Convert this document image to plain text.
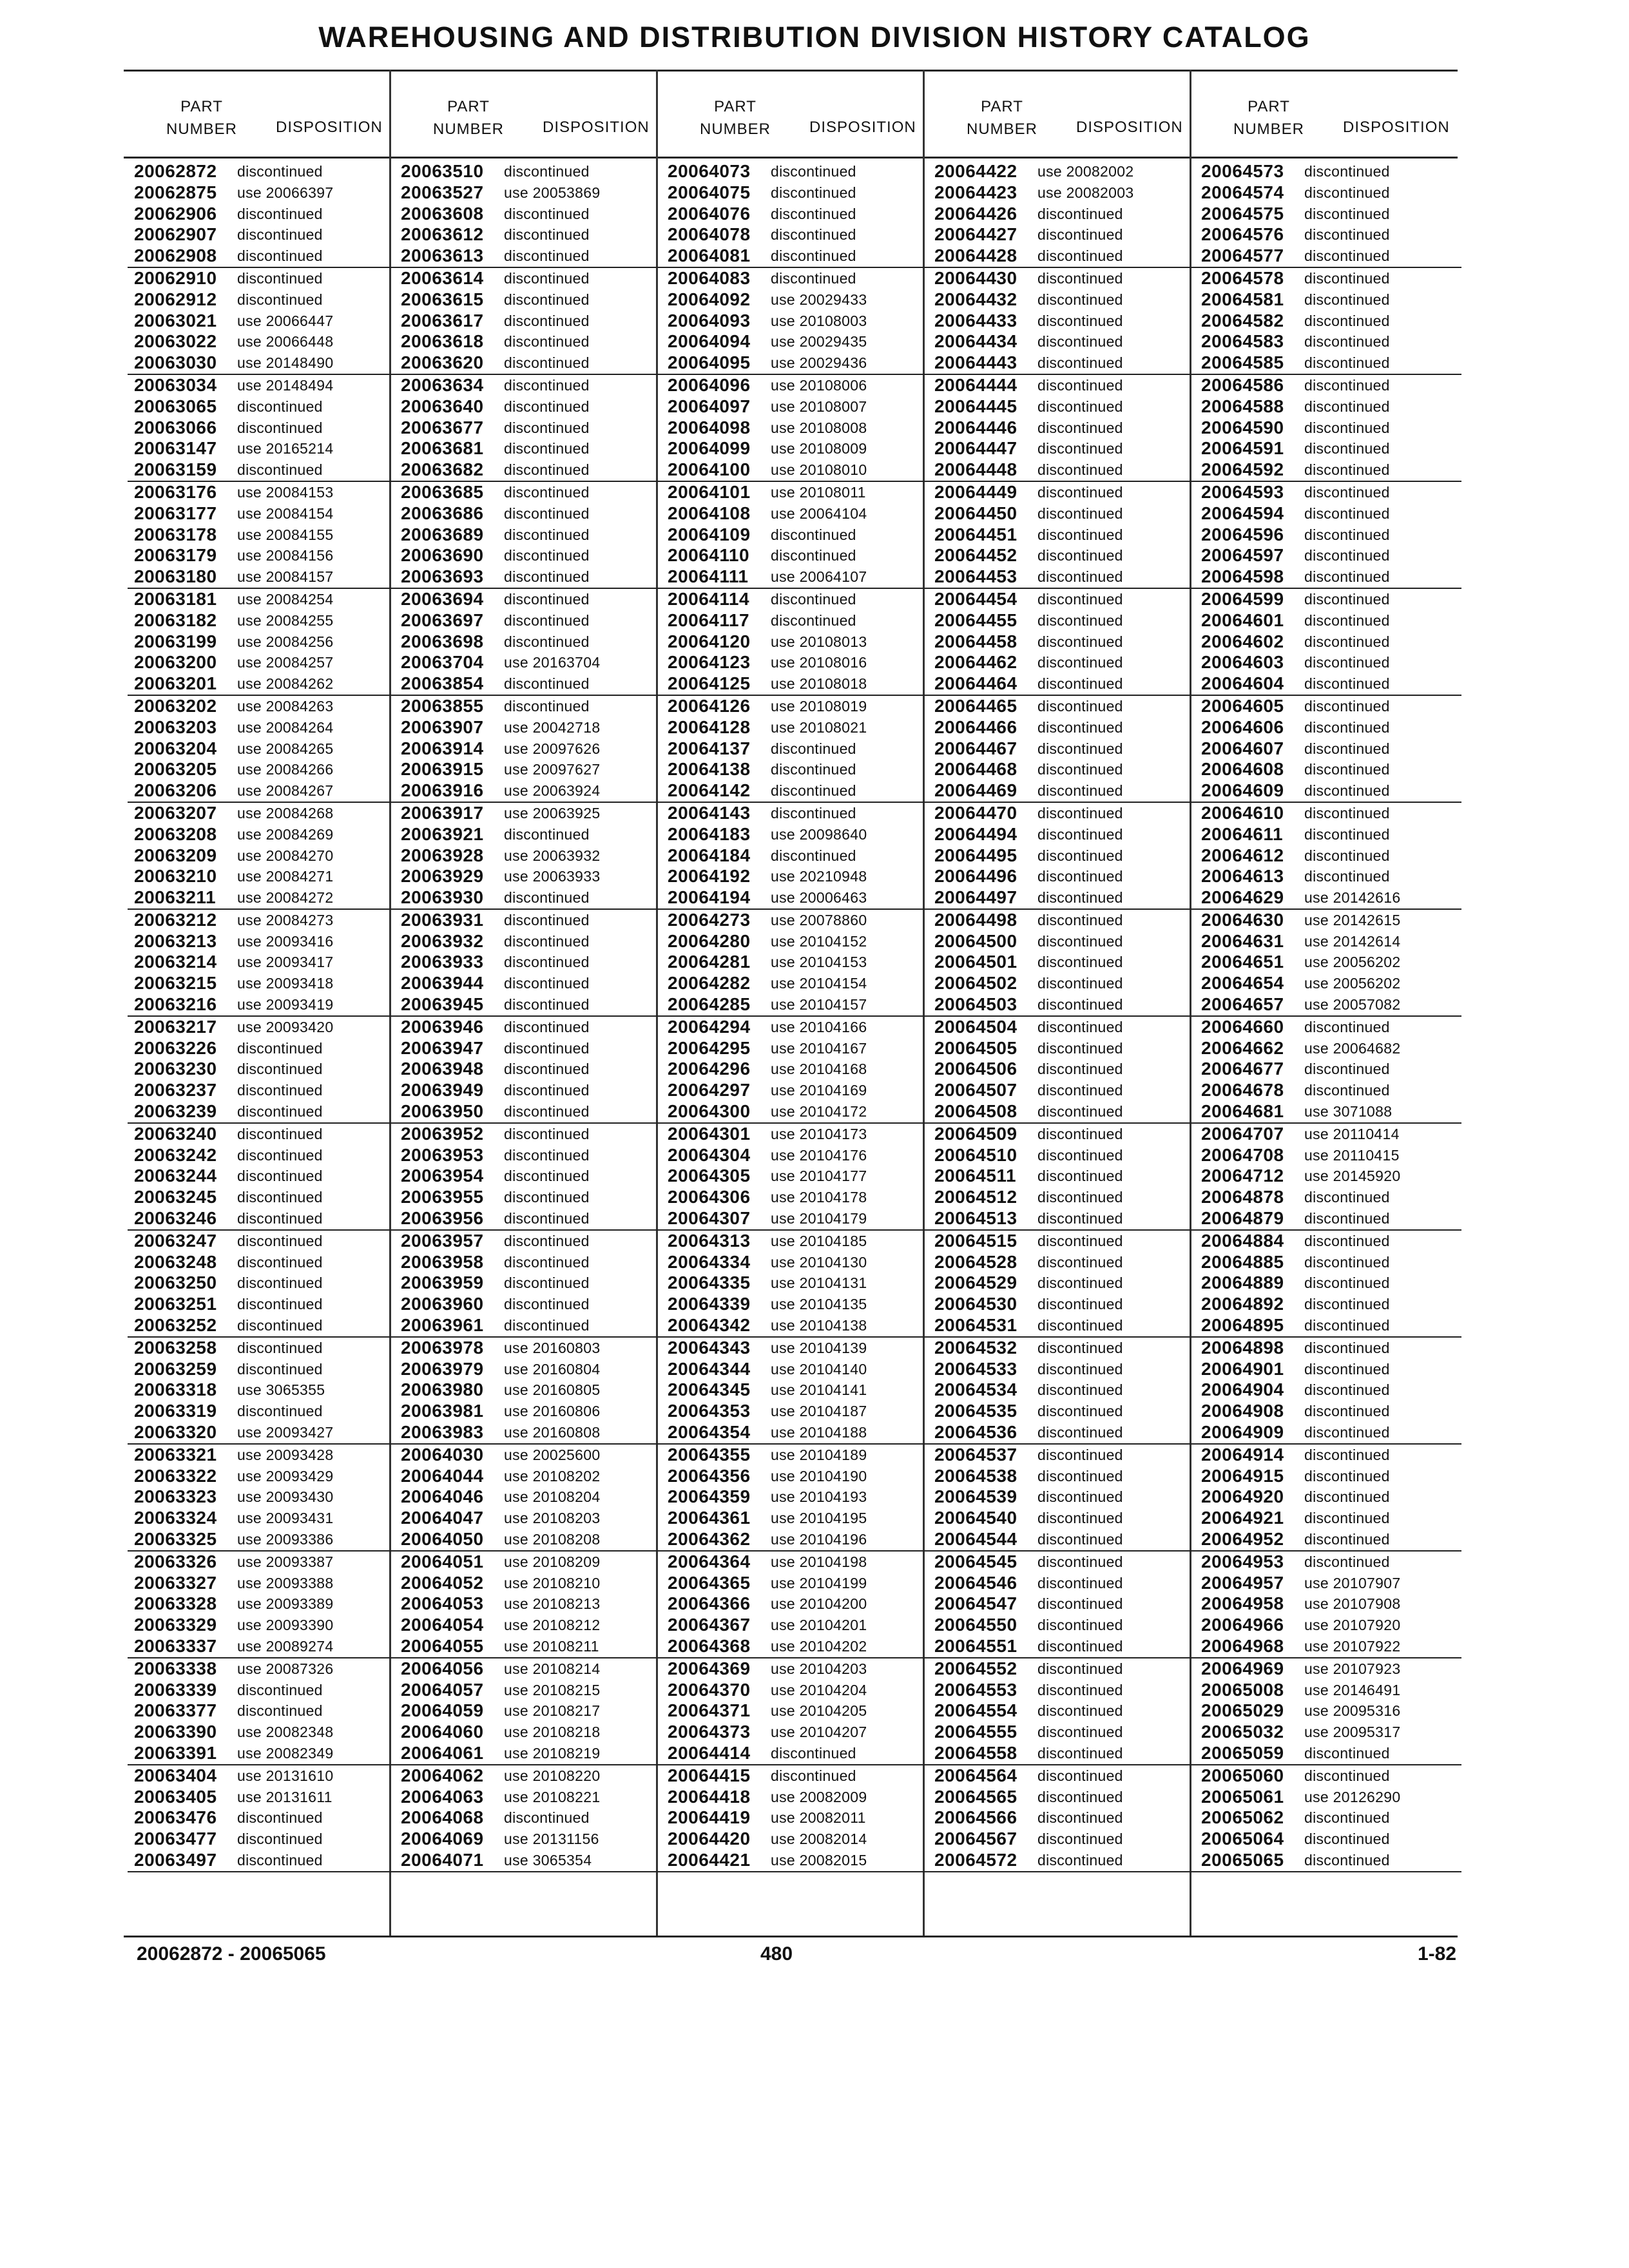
WAREHOUSING AND DISTRIBUTION DIVISION HISTORY CATALOG
PART
NUMBER	DISPOSITION
PART
NUMBER	DISPOSITION
PART
NUMBER	DISPOSITION
PART
NUMBER	DISPOSITION
PART
NUMBER	DISPOSITION
20062872 discontinued
20062875 use 20066397
20062906 discontinued
20062907 discontinued
20062908 discontinued
20062910 discontinued
20062912 discontinued
20063021 use 20066447
20063022 use 20066448
20063030 use 20148490
20063034 use 20148494
20063065 discontinued
20063066 discontinued
20063147 use 20165214
20063159 discontinued
20063176 use 20084153
20063177 use 20084154
20063178 use 20084155
20063179 use 20084156
20063180 use 20084157
20063181 use 20084254
20063182 use 20084255
20063199 use 20084256
20063200 use 20084257
20063201 use 20084262
20063202 use 20084263
20063203 use 20084264
20063204 use 20084265
20063205 use 20084266
20063206 use 20084267
20063207 use 20084268
20063208 use 20084269
20063209 use 20084270
20063210 use 20084271
20063211 use 20084272
20063212 use 20084273
20063213 use 20093416
20063214 use 20093417
20063215 use 20093418
20063216 use 20093419
20063217 use 20093420
20063226 discontinued
20063230 discontinued
20063237 discontinued
20063239 discontinued
20063240 discontinued
20063242 discontinued
20063244 discontinued
20063245 discontinued
20063246 discontinued
20063247 discontinued
20063248 discontinued
20063250 discontinued
20063251 discontinued
20063252 discontinued
20063258 discontinued
20063259 discontinued
20063318 use 3065355
20063319 discontinued
20063320 use 20093427
20063321 use 20093428
20063322 use 20093429
20063323 use 20093430
20063324 use 20093431
20063325 use 20093386
20063326 use 20093387
20063327 use 20093388
20063328 use 20093389
20063329 use 20093390
20063337 use 20089274
20063338 use 20087326
20063339 discontinued
20063377 discontinued
20063390 use 20082348
20063391 use 20082349
20063404 use 20131610
20063405 use 20131611
20063476 discontinued
20063477 discontinued
20063497 discontinued
20063510 discontinued
20063527 use 20053869
20063608 discontinued
20063612 discontinued
20063613 discontinued
20063614 discontinued
20063615 discontinued
20063617 discontinued
20063618 discontinued
20063620 discontinued
20063634 discontinued
20063640 discontinued
20063677 discontinued
20063681 discontinued
20063682 discontinued
20063685 discontinued
20063686 discontinued
20063689 discontinued
20063690 discontinued
20063693 discontinued
20063694 discontinued
20063697 discontinued
20063698 discontinued
20063704 use 20163704
20063854 discontinued
20063855 discontinued
20063907 use 20042718
20063914 use 20097626
20063915 use 20097627
20063916 use 20063924
20063917 use 20063925
20063921 discontinued
20063928 use 20063932
20063929 use 20063933
20063930 discontinued
20063931 discontinued
20063932 discontinued
20063933 discontinued
20063944 discontinued
20063945 discontinued
20063946 discontinued
20063947 discontinued
20063948 discontinued
20063949 discontinued
20063950 discontinued
20063952 discontinued
20063953 discontinued
20063954 discontinued
20063955 discontinued
20063956 discontinued
20063957 discontinued
20063958 discontinued
20063959 discontinued
20063960 discontinued
20063961 discontinued
20063978 use 20160803
20063979 use 20160804
20063980 use 20160805
20063981 use 20160806
20063983 use 20160808
20064030 use 20025600
20064044 use 20108202
20064046 use 20108204
20064047 use 20108203
20064050 use 20108208
20064051 use 20108209
20064052 use 20108210
20064053 use 20108213
20064054 use 20108212
20064055 use 20108211
20064056 use 20108214
20064057 use 20108215
20064059 use 20108217
20064060 use 20108218
20064061 use 20108219
20064062 use 20108220
20064063 use 20108221
20064068 discontinued
20064069 use 20131156
20064071 use 3065354
20064073 discontinued
20064075 discontinued
20064076 discontinued
20064078 discontinued
20064081 discontinued
20064083 discontinued
20064092 use 20029433
20064093 use 20108003
20064094 use 20029435
20064095 use 20029436
20064096 use 20108006
20064097 use 20108007
20064098 use 20108008
20064099 use 20108009
20064100 use 20108010
20064101 use 20108011
20064108 use 20064104
20064109 discontinued
20064110 discontinued
20064111 use 20064107
20064114 discontinued
20064117 discontinued
20064120 use 20108013
20064123 use 20108016
20064125 use 20108018
20064126 use 20108019
20064128 use 20108021
20064137 discontinued
20064138 discontinued
20064142 discontinued
20064143 discontinued
20064183 use 20098640
20064184 discontinued
20064192 use 20210948
20064194 use 20006463
20064273 use 20078860
20064280 use 20104152
20064281 use 20104153
20064282 use 20104154
20064285 use 20104157
20064294 use 20104166
20064295 use 20104167
20064296 use 20104168
20064297 use 20104169
20064300 use 20104172
20064301 use 20104173
20064304 use 20104176
20064305 use 20104177
20064306 use 20104178
20064307 use 20104179
20064313 use 20104185
20064334 use 20104130
20064335 use 20104131
20064339 use 20104135
20064342 use 20104138
20064343 use 20104139
20064344 use 20104140
20064345 use 20104141
20064353 use 20104187
20064354 use 20104188
20064355 use 20104189
20064356 use 20104190
20064359 use 20104193
20064361 use 20104195
20064362 use 20104196
20064364 use 20104198
20064365 use 20104199
20064366 use 20104200
20064367 use 20104201
20064368 use 20104202
20064369 use 20104203
20064370 use 20104204
20064371 use 20104205
20064373 use 20104207
20064414 discontinued
20064415 discontinued
20064418 use 20082009
20064419 use 20082011
20064420 use 20082014
20064421 use 20082015
20064422 use 20082002
20064423 use 20082003
20064426 discontinued
20064427 discontinued
20064428 discontinued
20064430 discontinued
20064432 discontinued
20064433 discontinued
20064434 discontinued
20064443 discontinued
20064444 discontinued
20064445 discontinued
20064446 discontinued
20064447 discontinued
20064448 discontinued
20064449 discontinued
20064450 discontinued
20064451 discontinued
20064452 discontinued
20064453 discontinued
20064454 discontinued
20064455 discontinued
20064458 discontinued
20064462 discontinued
20064464 discontinued
20064465 discontinued
20064466 discontinued
20064467 discontinued
20064468 discontinued
20064469 discontinued
20064470 discontinued
20064494 discontinued
20064495 discontinued
20064496 discontinued
20064497 discontinued
20064498 discontinued
20064500 discontinued
20064501 discontinued
20064502 discontinued
20064503 discontinued
20064504 discontinued
20064505 discontinued
20064506 discontinued
20064507 discontinued
20064508 discontinued
20064509 discontinued
20064510 discontinued
20064511 discontinued
20064512 discontinued
20064513 discontinued
20064515 discontinued
20064528 discontinued
20064529 discontinued
20064530 discontinued
20064531 discontinued
20064532 discontinued
20064533 discontinued
20064534 discontinued
20064535 discontinued
20064536 discontinued
20064537 discontinued
20064538 discontinued
20064539 discontinued
20064540 discontinued
20064544 discontinued
20064545 discontinued
20064546 discontinued
20064547 discontinued
20064550 discontinued
20064551 discontinued
20064552 discontinued
20064553 discontinued
20064554 discontinued
20064555 discontinued
20064558 discontinued
20064564 discontinued
20064565 discontinued
20064566 discontinued
20064567 discontinued
20064572 discontinued
20064573 discontinued
20064574 discontinued
20064575 discontinued
20064576 discontinued
20064577 discontinued
20064578 discontinued
20064581 discontinued
20064582 discontinued
20064583 discontinued
20064585 discontinued
20064586 discontinued
20064588 discontinued
20064590 discontinued
20064591 discontinued
20064592 discontinued
20064593 discontinued
20064594 discontinued
20064596 discontinued
20064597 discontinued
20064598 discontinued
20064599 discontinued
20064601 discontinued
20064602 discontinued
20064603 discontinued
20064604 discontinued
20064605 discontinued
20064606 discontinued
20064607 discontinued
20064608 discontinued
20064609 discontinued
20064610 discontinued
20064611 discontinued
20064612 discontinued
20064613 discontinued
20064629 use 20142616
20064630 use 20142615
20064631 use 20142614
20064651 use 20056202
20064654 use 20056202
20064657 use 20057082
20064660 discontinued
20064662 use 20064682
20064677 discontinued
20064678 discontinued
20064681 use 3071088
20064707 use 20110414
20064708 use 20110415
20064712 use 20145920
20064878 discontinued
20064879 discontinued
20064884 discontinued
20064885 discontinued
20064889 discontinued
20064892 discontinued
20064895 discontinued
20064898 discontinued
20064901 discontinued
20064904 discontinued
20064908 discontinued
20064909 discontinued
20064914 discontinued
20064915 discontinued
20064920 discontinued
20064921 discontinued
20064952 discontinued
20064953 discontinued
20064957 use 20107907
20064958 use 20107908
20064966 use 20107920
20064968 use 20107922
20064969 use 20107923
20065008 use 20146491
20065029 use 20095316
20065032 use 20095317
20065059 discontinued
20065060 discontinued
20065061 use 20126290
20065062 discontinued
20065064 discontinued
20065065 discontinued
20062872 - 20065065	480	1-82
